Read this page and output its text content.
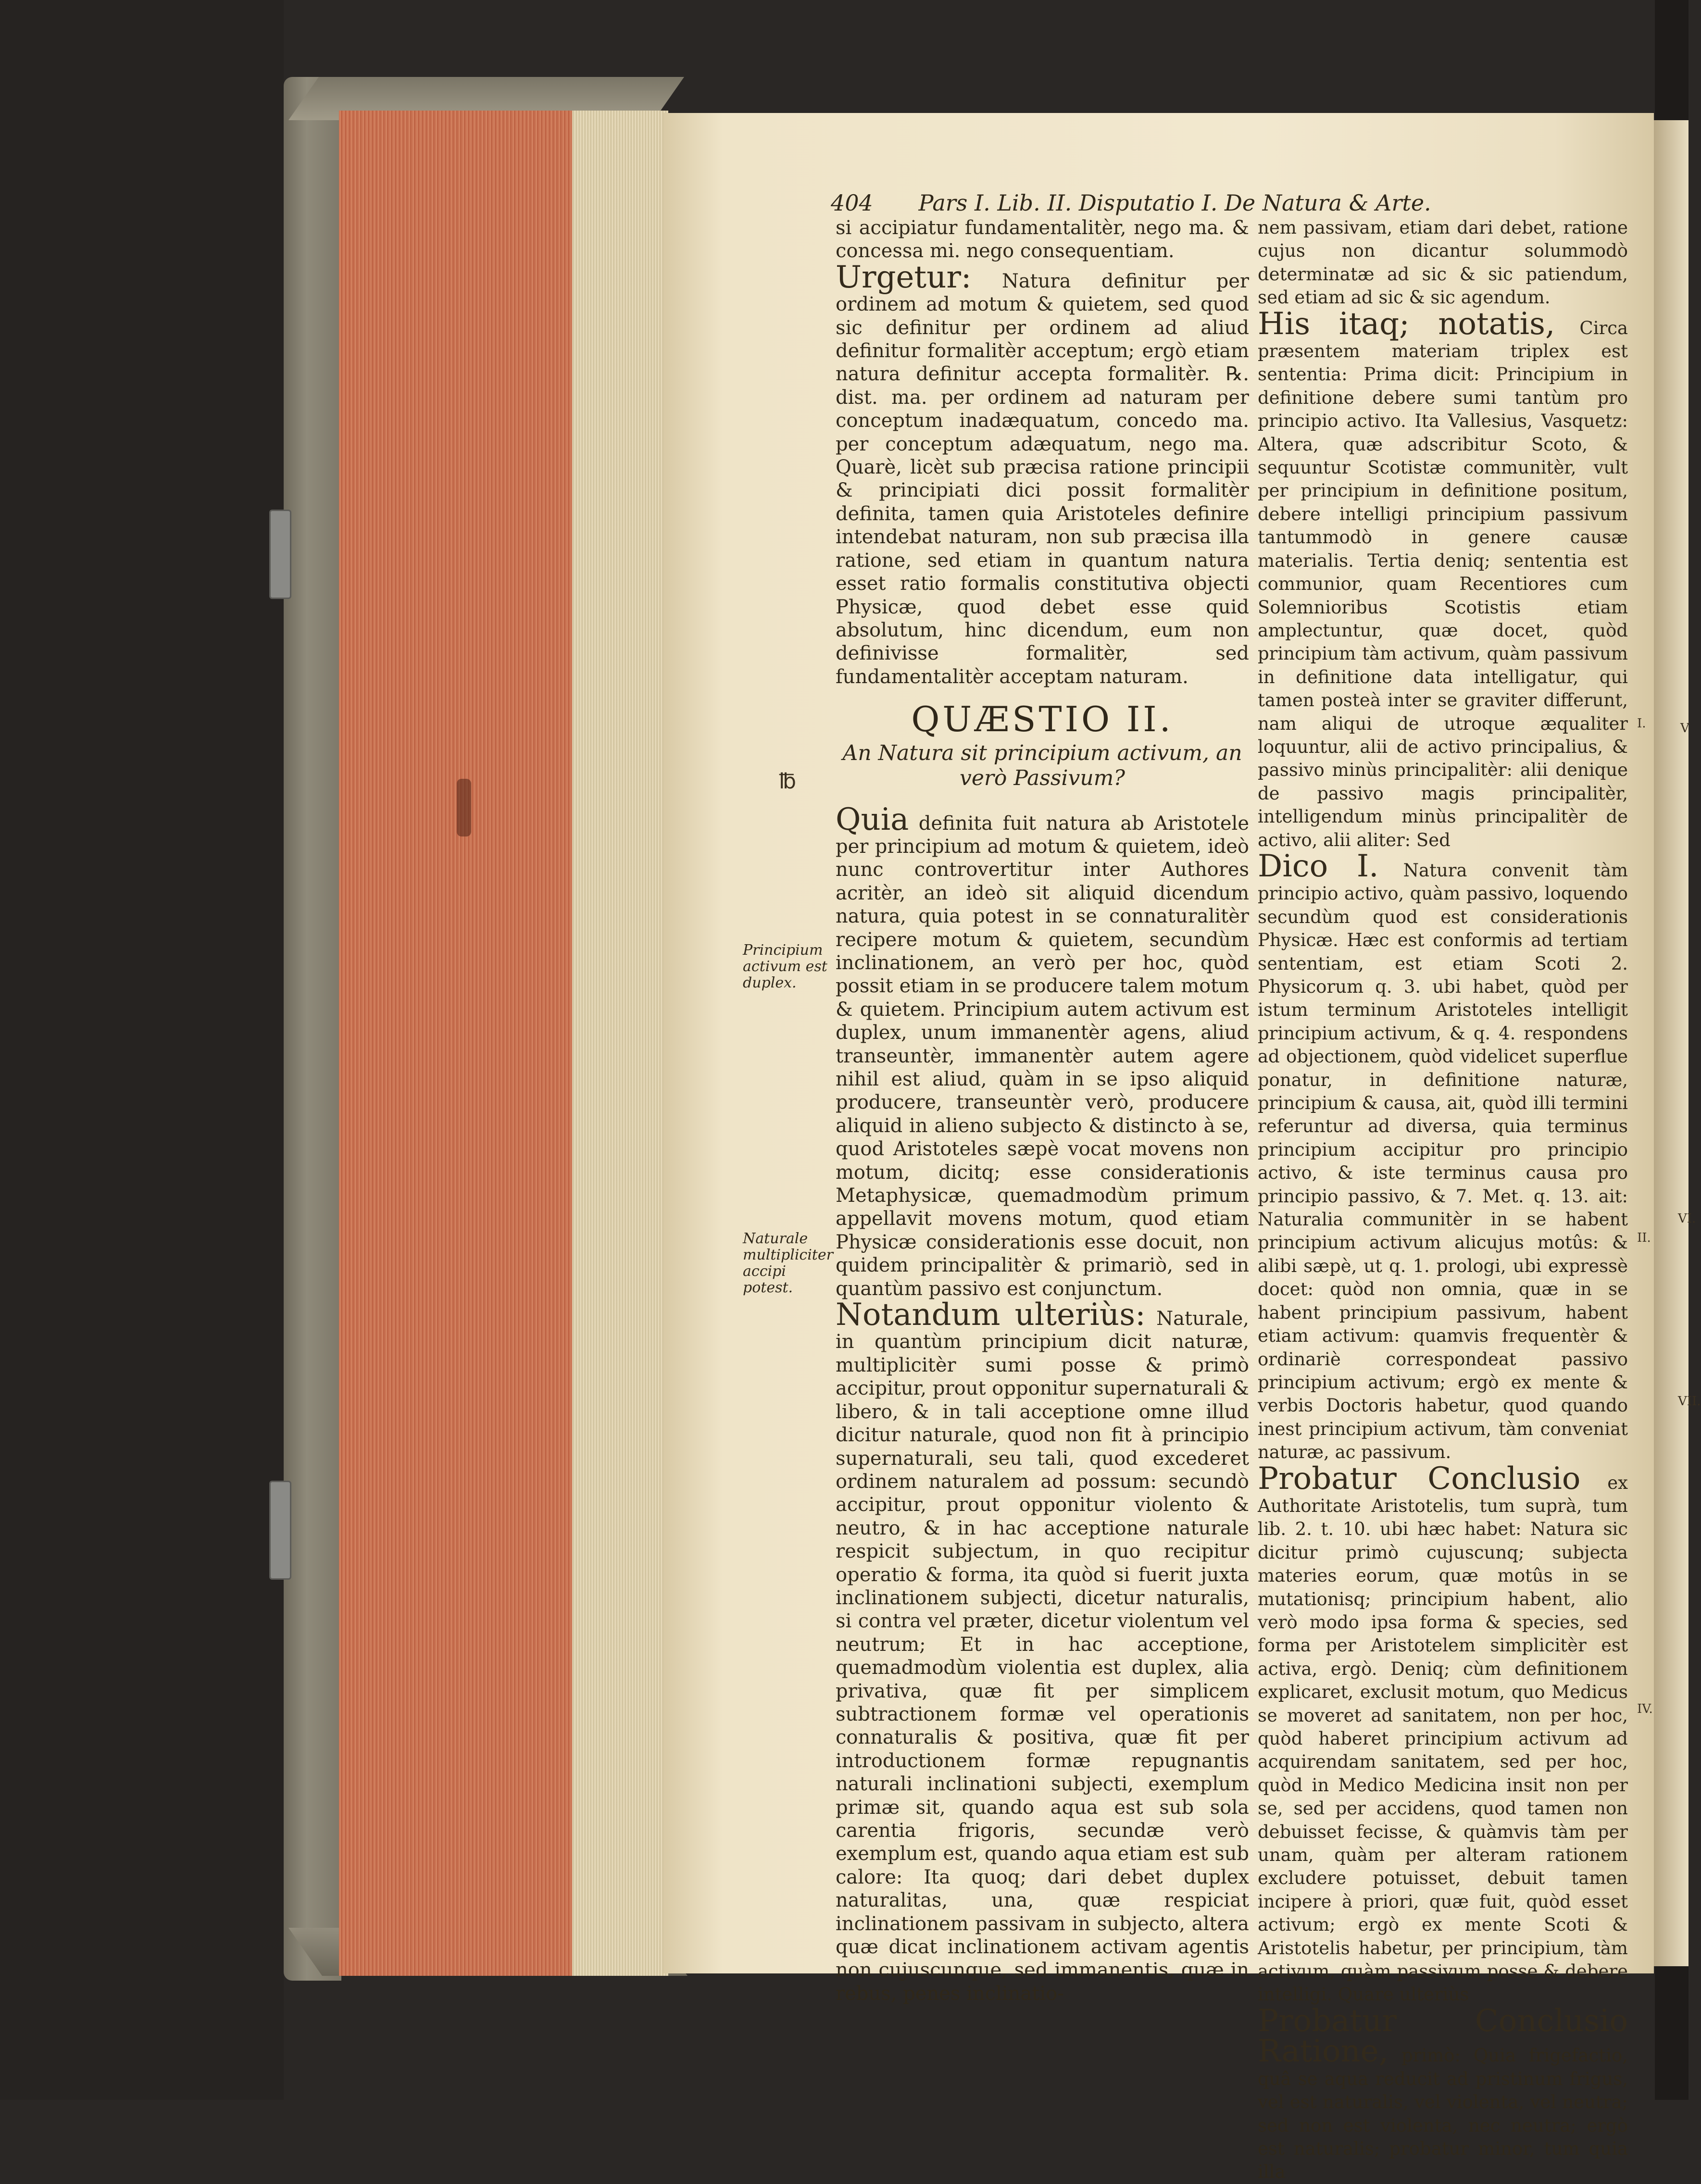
404 Pars I. Lib. II. Disputatio I. De Natura & Arte.
℔
Principium activum est duplex.
Naturale multipliciter accipi potest.
I.
II.
IV.
VI.
VII.
V

si accipiatur fundamentalitèr, nego ma. & concessa mi. nego consequentiam.

Urgetur: Natura definitur per ordinem ad motum & quietem, sed quod sic definitur per ordinem ad aliud definitur formalitèr acceptum; ergò etiam natura definitur accepta formalitèr. ℞. dist. ma. per ordinem ad naturam per conceptum inadæquatum, concedo ma. per conceptum adæquatum, nego ma. Quarè, licèt sub præcisa ratione principii & principiati dici possit formalitèr definita, tamen quia Aristoteles definire intendebat naturam, non sub præcisa illa ratione, sed etiam in quantum natura esset ratio formalis constitutiva objecti Physicæ, quod debet esse quid absolutum, hinc dicendum, eum non definivisse formalitèr, sed fundamentalitèr acceptam naturam.

QUÆSTIO II.
An Natura sit principium activum, an verò Passivum?

Quia definita fuit natura ab Aristotele per principium ad motum & quietem, ideò nunc controvertitur inter Authores acritèr, an ideò sit aliquid dicendum natura, quia potest in se connaturalitèr recipere motum & quietem, secundùm inclinationem, an verò per hoc, quòd possit etiam in se producere talem motum & quietem. Principium autem activum est duplex, unum immanentèr agens, aliud transeuntèr, immanentèr autem agere nihil est aliud, quàm in se ipso aliquid producere, transeuntèr verò, producere aliquid in alieno subjecto & distincto à se, quod Aristoteles sæpè vocat movens non motum, dicitq; esse considerationis Metaphysicæ, quemadmodùm primum appellavit movens motum, quod etiam Physicæ considerationis esse docuit, non quidem principalitèr & primariò, sed in quantùm passivo est conjunctum.

Notandum ulteriùs: Naturale, in quantùm principium dicit naturæ, multiplicitèr sumi posse & primò accipitur, prout opponitur supernaturali & libero, & in tali acceptione omne illud dicitur naturale, quod non fit à principio supernaturali, seu tali, quod excederet ordinem naturalem ad possum: secundò accipitur, prout opponitur violento & neutro, & in hac acceptione naturale respicit subjectum, in quo recipitur operatio & forma, ita quòd si fuerit juxta inclinationem subjecti, dicetur naturalis, si contra vel præter, dicetur violentum vel neutrum; Et in hac acceptione, quemadmodùm violentia est duplex, alia privativa, quæ fit per simplicem subtractionem formæ vel operationis connaturalis & positiva, quæ fit per introductionem formæ repugnantis naturali inclinationi subjecti, exemplum primæ sit, quando aqua est sub sola carentia frigoris, secundæ verò exemplum est, quando aqua etiam est sub calore: Ita quoq; dari debet duplex naturalitas, una, quæ respiciat inclinationem passivam in subjecto, altera quæ dicat inclinationem activam agentis non cujuscunque, sed immanentis, quæ in rebus, penes inclinatio-

nem passivam, etiam dari debet, ratione cujus non dicantur solummodò determinatæ ad sic & sic patiendum, sed etiam ad sic & sic agendum.

His itaq; notatis, Circa præsentem materiam triplex est sententia: Prima dicit: Principium in definitione debere sumi tantùm pro principio activo. Ita Vallesius, Vasquetz: Altera, quæ adscribitur Scoto, & sequuntur Scotistæ communitèr, vult per principium in definitione positum, debere intelligi principium passivum tantummodò in genere causæ materialis. Tertia deniq; sententia est communior, quam Recentiores cum Solemnioribus Scotistis etiam amplectuntur, quæ docet, quòd principium tàm activum, quàm passivum in definitione data intelligatur, qui tamen posteà inter se graviter differunt, nam aliqui de utroque æqualiter loquuntur, alii de activo principalius, & passivo minùs principalitèr: alii denique de passivo magis principalitèr, intelligendum minùs principalitèr de activo, alii aliter: Sed

Dico I. Natura convenit tàm principio activo, quàm passivo, loquendo secundùm quod est considerationis Physicæ. Hæc est conformis ad tertiam sententiam, est etiam Scoti 2. Physicorum q. 3. ubi habet, quòd per istum terminum Aristoteles intelligit principium activum, & q. 4. respondens ad objectionem, quòd videlicet superflue ponatur, in definitione naturæ, principium & causa, ait, quòd illi termini referuntur ad diversa, quia terminus principium accipitur pro principio activo, & iste terminus causa pro principio passivo, & 7. Met. q. 13. ait: Naturalia communitèr in se habent principium activum alicujus motûs: & alibi sæpè, ut q. 1. prologi, ubi expressè docet: quòd non omnia, quæ in se habent principium passivum, habent etiam activum: quamvis frequentèr & ordinariè correspondeat passivo principium activum; ergò ex mente & verbis Doctoris habetur, quod quando inest principium activum, tàm conveniat naturæ, ac passivum.

Probatur Conclusio ex Authoritate Aristotelis, tum suprà, tum lib. 2. t. 10. ubi hæc habet: Natura sic dicitur primò cujuscunq; subjecta materies eorum, quæ motûs in se mutationisq; principium habent, alio verò modo ipsa forma & species, sed forma per Aristotelem simplicitèr est activa, ergò. Deniq; cùm definitionem explicaret, exclusit motum, quo Medicus se moveret ad sanitatem, non per hoc, quòd haberet principium activum ad acquirendam sanitatem, sed per hoc, quòd in Medico Medicina insit non per se, sed per accidens, quod tamen non debuisset fecisse, & quàmvis tàm per unam, quàm per alteram rationem excludere potuisset, debuit tamen incipere à priori, quæ fuit, quòd esset activum; ergò ex mente Scoti & Aristotelis habetur, per principium, tàm activum, quàm passivum posse & debere intelligi. Quare ulteriùs

Probatur Conclusio Ratione, primò: Quia frigefactio, quâ se aqua reducit ad pristinum frigus, vel est naturalis, vel violenta, vel neutra; sed non est violenta, nec neutra; ergò est naturalis; probatur minor, tum quia illa
